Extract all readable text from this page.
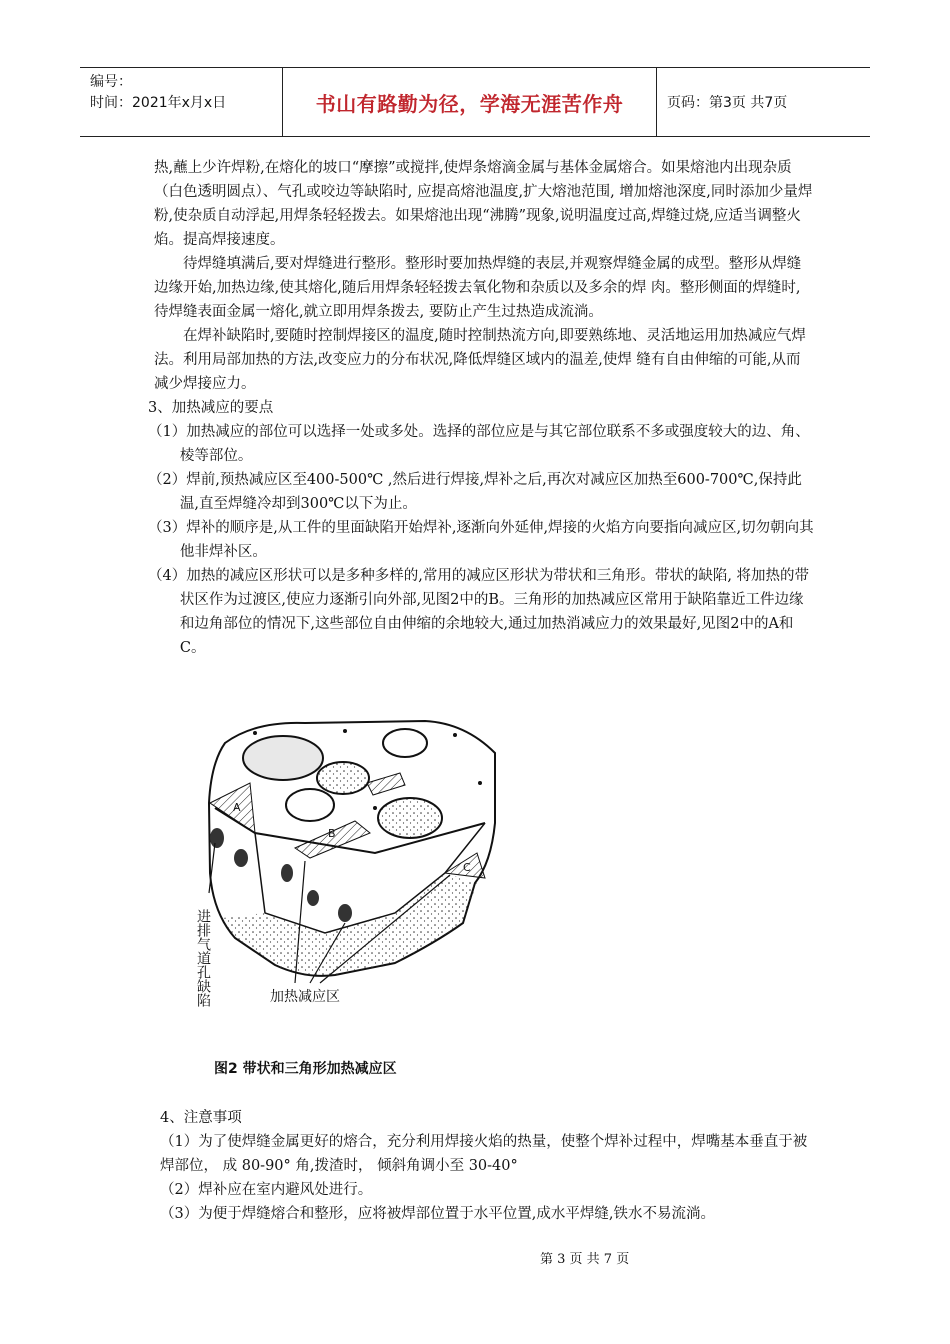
编号：
时间：2021年x月x日	书山有路勤为径，学海无涯苦作舟	页码：第3页 共7页

热,蘸上少许焊粉,在熔化的坡口“摩擦”或搅拌,使焊条熔滴金属与基体金属熔合。如果熔池内出现杂质（白色透明圆点）、气孔或咬边等缺陷时, 应提高熔池温度,扩大熔池范围, 增加熔池深度,同时添加少量焊粉,使杂质自动浮起,用焊条轻轻拨去。如果熔池出现“沸腾”现象,说明温度过高,焊缝过烧,应适当调整火焰。提高焊接速度。

待焊缝填满后,要对焊缝进行整形。整形时要加热焊缝的表层,并观察焊缝金属的成型。整形从焊缝边缘开始,加热边缘,使其熔化,随后用焊条轻轻拨去氧化物和杂质以及多余的焊 肉。整形侧面的焊缝时,待焊缝表面金属一熔化,就立即用焊条拨去, 要防止产生过热造成流淌。

在焊补缺陷时,要随时控制焊接区的温度,随时控制热流方向,即要熟练地、灵活地运用加热减应气焊法。利用局部加热的方法,改变应力的分布状况,降低焊缝区域内的温差,使焊 缝有自由伸缩的可能,从而减少焊接应力。

3、加热减应的要点

（1）加热减应的部位可以选择一处或多处。选择的部位应是与其它部位联系不多或强度较大的边、角、棱等部位。

（2）焊前,预热减应区至400-500℃ ,然后进行焊接,焊补之后,再次对减应区加热至600-700℃,保持此温,直至焊缝冷却到300℃以下为止。

（3）焊补的顺序是,从工件的里面缺陷开始焊补,逐渐向外延伸,焊接的火焰方向要指向减应区,切勿朝向其他非焊补区。

（4）加热的减应区形状可以是多种多样的,常用的减应区形状为带状和三角形。带状的缺陷, 将加热的带状区作为过渡区,使应力逐渐引向外部,见图2中的B。三角形的加热减应区常用于缺陷靠近工件边缘和边角部位的情况下,这些部位自由伸缩的余地较大,通过加热消减应力的效果最好,见图2中的A和C。

A
B
C
加热减应区
进排气道孔缺陷
图2 带状和三角形加热减应区

4、注意事项

（1）为了使焊缝金属更好的熔合，充分利用焊接火焰的热量，使整个焊补过程中，焊嘴基本垂直于被焊部位， 成 80-90° 角,拨渣时， 倾斜角调小至 30-40°

（2）焊补应在室内避风处进行。

（3）为便于焊缝熔合和整形，应将被焊部位置于水平位置,成水平焊缝,铁水不易流淌。

第 3 页 共 7 页
